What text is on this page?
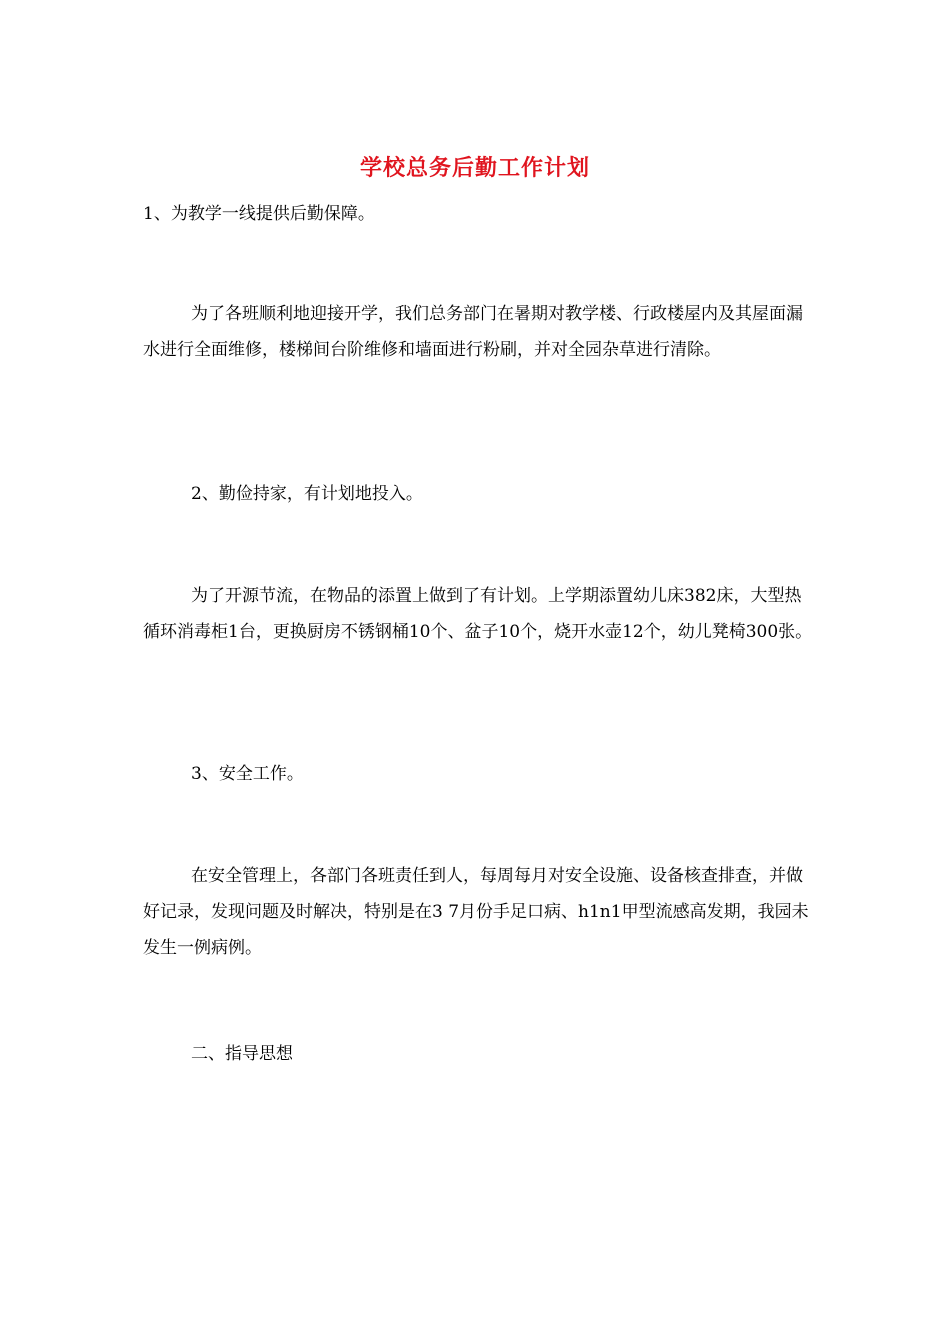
学校总务后勤工作计划

1、为教学一线提供后勤保障。

为了各班顺利地迎接开学，我们总务部门在暑期对教学楼、行政楼屋内及其屋面漏水进行全面维修，楼梯间台阶维修和墙面进行粉刷，并对全园杂草进行清除。

2、勤俭持家，有计划地投入。

为了开源节流，在物品的添置上做到了有计划。上学期添置幼儿床382床，大型热循环消毒柜1台，更换厨房不锈钢桶10个、盆子10个，烧开水壶12个，幼儿凳椅300张。

3、安全工作。

在安全管理上，各部门各班责任到人，每周每月对安全设施、设备核查排查，并做好记录，发现问题及时解决，特别是在3 7月份手足口病、h1n1甲型流感高发期，我园未发生一例病例。

二、指导思想
